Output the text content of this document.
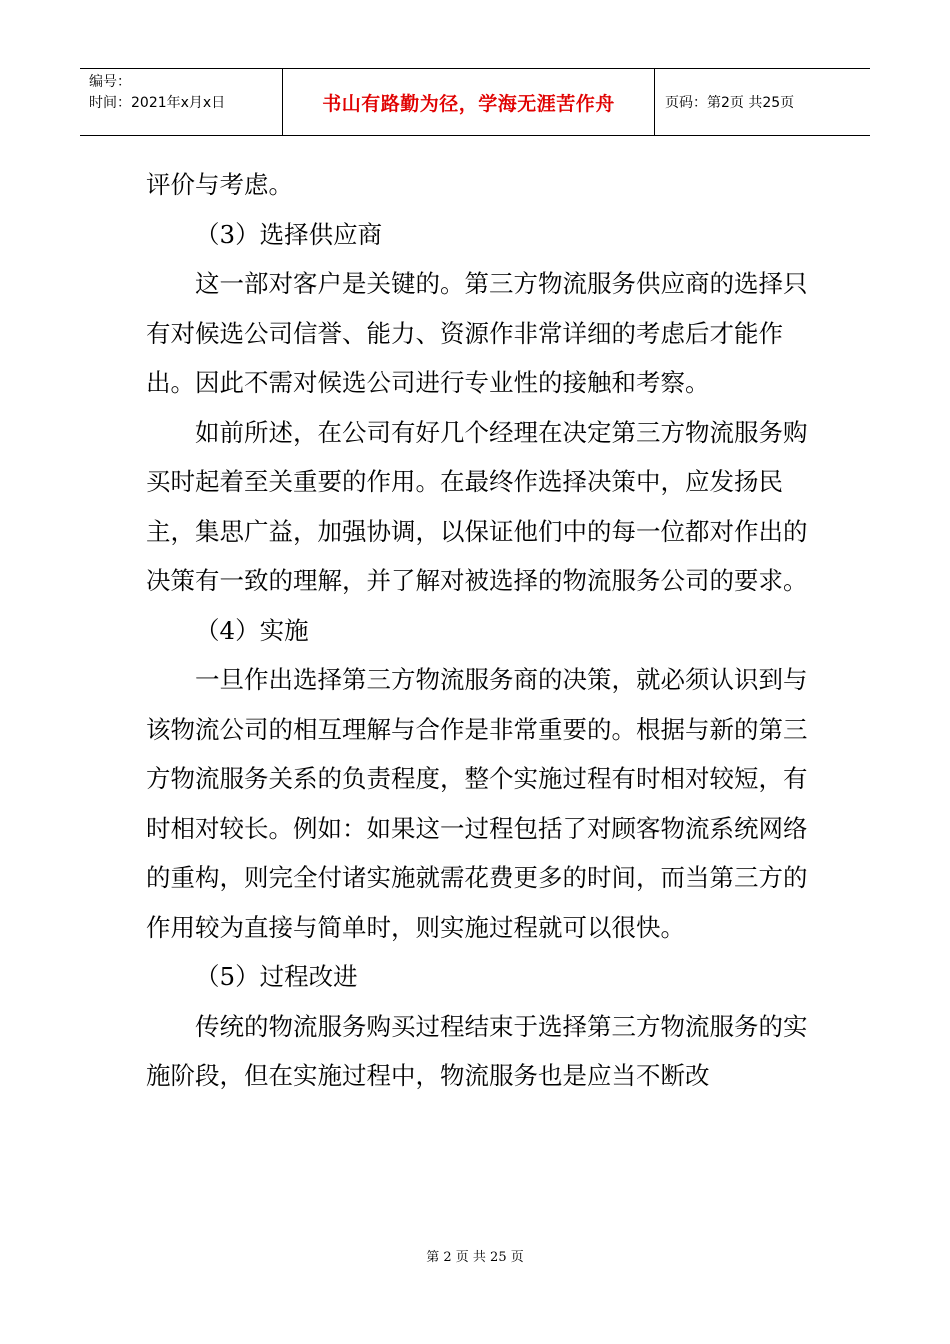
编号：
时间：2021年x月x日	书山有路勤为径，学海无涯苦作舟	页码：第2页 共25页

评价与考虑。

（3）选择供应商

这一部对客户是关键的。第三方物流服务供应商的选择只有对候选公司信誉、能力、资源作非常详细的考虑后才能作出。因此不需对候选公司进行专业性的接触和考察。

如前所述，在公司有好几个经理在决定第三方物流服务购买时起着至关重要的作用。在最终作选择决策中，应发扬民主，集思广益，加强协调，以保证他们中的每一位都对作出的决策有一致的理解，并了解对被选择的物流服务公司的要求。

（4）实施

一旦作出选择第三方物流服务商的决策，就必须认识到与该物流公司的相互理解与合作是非常重要的。根据与新的第三方物流服务关系的负责程度，整个实施过程有时相对较短，有时相对较长。例如：如果这一过程包括了对顾客物流系统网络的重构，则完全付诸实施就需花费更多的时间，而当第三方的作用较为直接与简单时，则实施过程就可以很快。

（5）过程改进

传统的物流服务购买过程结束于选择第三方物流服务的实施阶段，但在实施过程中，物流服务也是应当不断改

第 2 页 共 25 页
